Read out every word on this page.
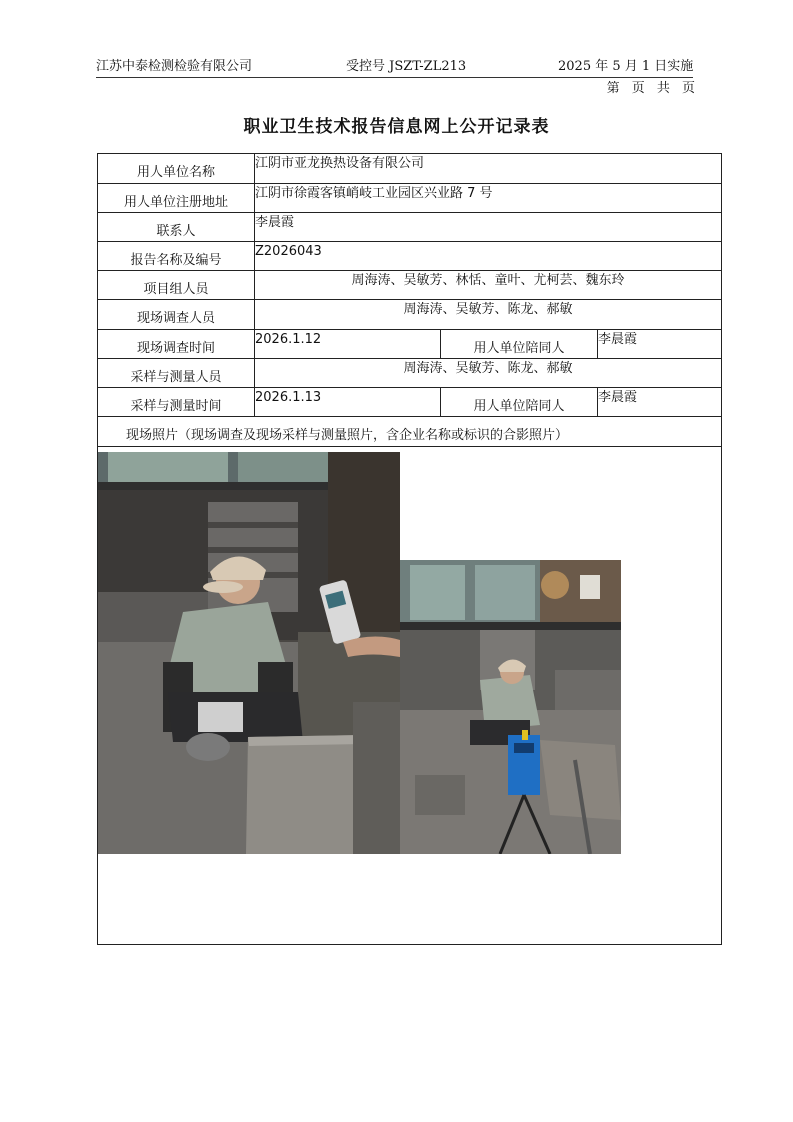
江苏中泰检测检验有限公司	受控号 JSZT-ZL213	2025 年 5 月 1 日实施
第 页 共 页
职业卫生技术报告信息网上公开记录表
用人单位名称
江阴市亚龙换热设备有限公司
用人单位注册地址
江阴市徐霞客镇峭岐工业园区兴业路 7 号
联系人
李晨霞
报告名称及编号
Z2026043
项目组人员
周海涛、吴敏芳、林恬、童叶、尤柯芸、魏东玲
现场调查人员
周海涛、吴敏芳、陈龙、郝敏
现场调查时间
2026.1.12
用人单位陪同人
李晨霞
采样与测量人员
周海涛、吴敏芳、陈龙、郝敏
采样与测量时间
2026.1.13
用人单位陪同人
李晨霞
现场照片（现场调查及现场采样与测量照片，含企业名称或标识的合影照片）
